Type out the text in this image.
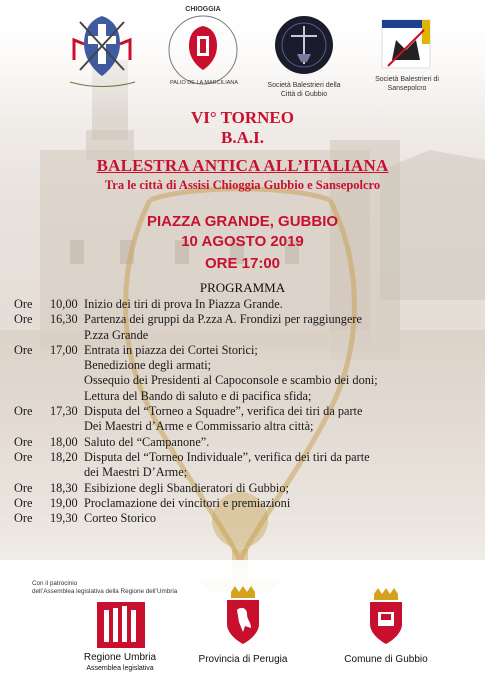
CHIOGGIA
PALIO DE LA MARCILIANA	Società Balestrieri della Città di Gubbio
Società Balestrieri di Sansepolcro
VI° TORNEO
B.A.I.
BALESTRA ANTICA ALL’ITALIANA
Tra le città di Assisi Chioggia Gubbio e Sansepolcro
PIAZZA GRANDE, GUBBIO
10 AGOSTO 2019
ORE 17:00
PROGRAMMA
Ore 10,00 Inizio dei tiri di prova In Piazza Grande.
Ore 16,30 Partenza dei gruppi da P.zza A. Frondizi per raggiungere
P.zza Grande
Ore 17,00 Entrata in piazza dei Cortei Storici;
Benedizione degli armati;
Ossequio dei Presidenti al Capoconsole e scambio dei doni;
Lettura del Bando di saluto e di pacifica sfida;
Ore 17,30 Disputa del “Torneo a Squadre”, verifica dei tiri da parte
Dei Maestri d’Arme e Commissario altra città;
Ore 18,00 Saluto del “Campanone”.
Ore 18,20 Disputa del “Torneo Individuale”, verifica dei tiri da parte
dei Maestri D’Arme;
Ore 18,30 Esibizione degli Sbandieratori di Gubbio;
Ore 19,00 Proclamazione dei vincitori e premiazioni
Ore 19,30 Corteo Storico
Con il patrocinio
dell’Assemblea legislativa della Regione dell’Umbria
Regione Umbria
Assemblea legislativa
Provincia di Perugia	Comune di Gubbio
